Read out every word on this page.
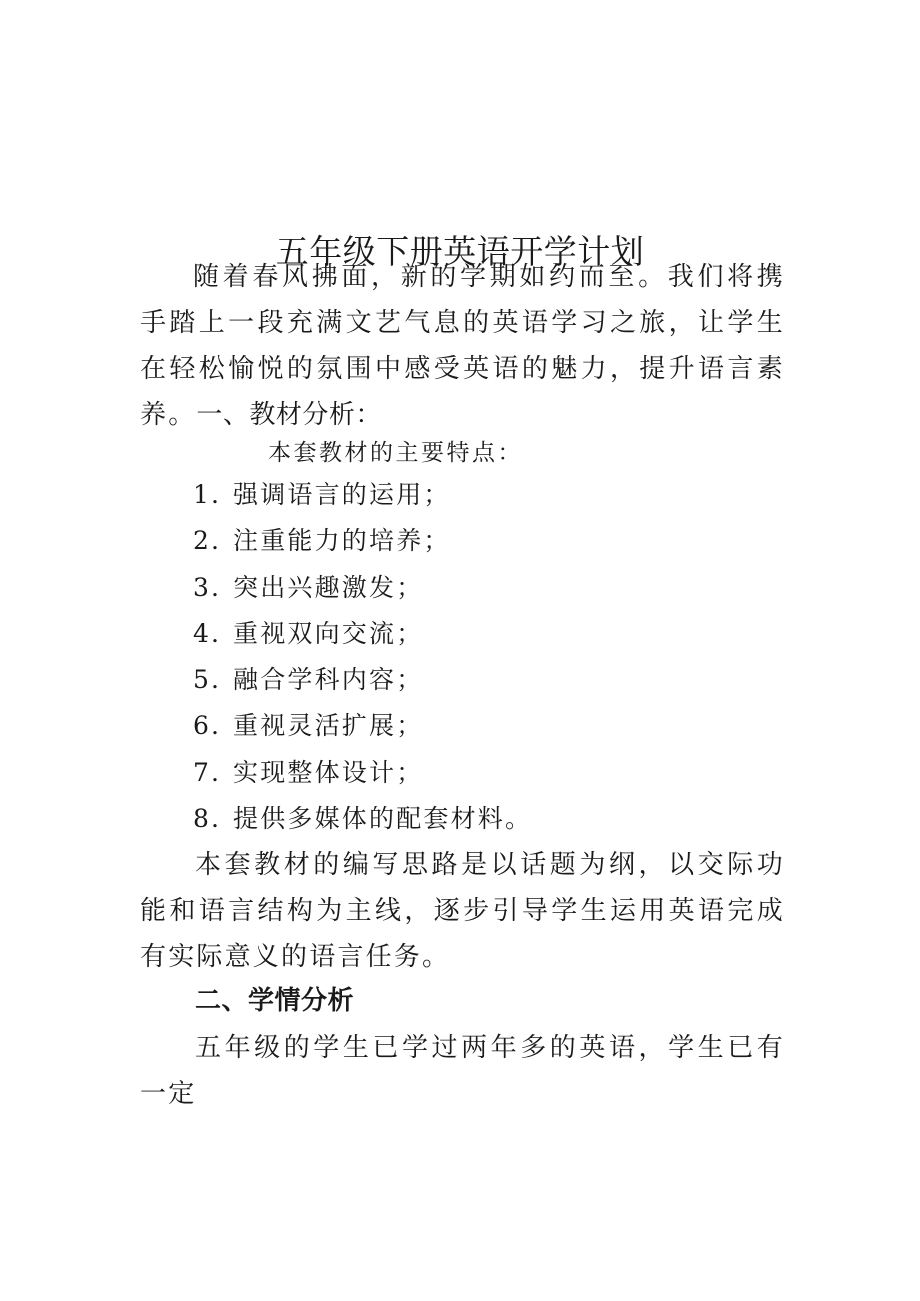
五年级下册英语开学计划

随着春风拂面，新的学期如约而至。我们将携手踏上一段充满文艺气息的英语学习之旅，让学生在轻松愉悦的氛围中感受英语的魅力，提升语言素养。一、教材分析：

本套教材的主要特点：

1．强调语言的运用；
2．注重能力的培养；
3．突出兴趣激发；
4．重视双向交流；
5．融合学科内容；
6．重视灵活扩展；
7．实现整体设计；
8．提供多媒体的配套材料。

本套教材的编写思路是以话题为纲，以交际功能和语言结构为主线，逐步引导学生运用英语完成有实际意义的语言任务。

二、学情分析

五年级的学生已学过两年多的英语，学生已有一定
